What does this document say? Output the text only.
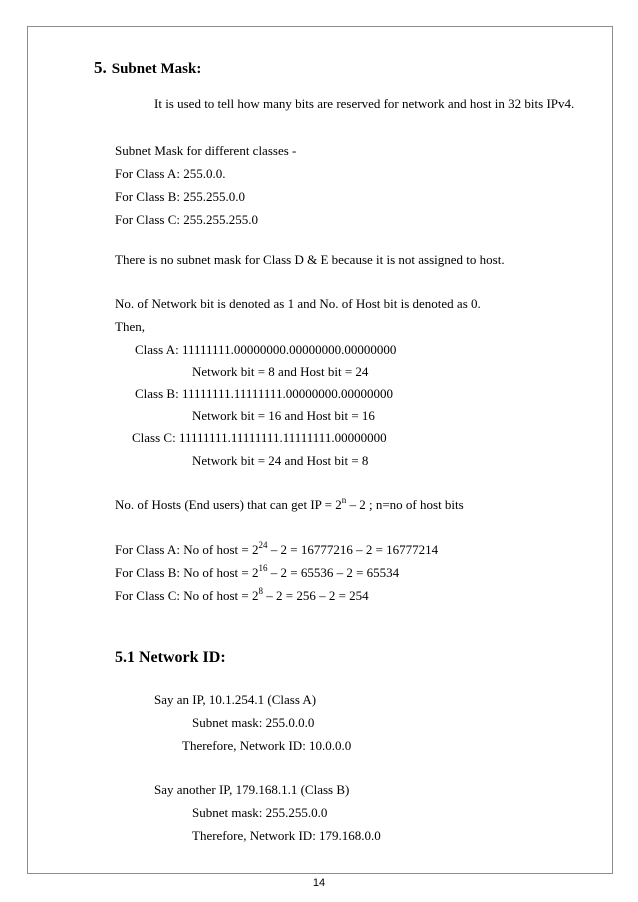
5. Subnet Mask:
It is used to tell how many bits are reserved for network and host in 32 bits IPv4.
Subnet Mask for different classes -
For Class A: 255.0.0.
For Class B: 255.255.0.0
For Class C: 255.255.255.0
There is no subnet mask for Class D & E because it is not assigned to host.
No. of Network bit is denoted as 1 and No. of Host bit is denoted as 0.
Then,
Class A: 11111111.00000000.00000000.00000000
Network bit = 8 and Host bit = 24
Class B: 11111111.11111111.00000000.00000000
Network bit = 16 and Host bit = 16
Class C: 11111111.11111111.11111111.00000000
Network bit = 24 and Host bit = 8
No. of Hosts (End users) that can get IP = $2^n - 2$ ; n=no of host bits
For Class A: No of host = $2^{24} - 2 = 16777216 - 2 = 16777214$
For Class B: No of host = $2^{16} - 2 = 65536 - 2 = 65534$
For Class C: No of host = $2^8 - 2 = 256 - 2 = 254$
5.1 Network ID:
Say an IP, 10.1.254.1 (Class A)
Subnet mask: 255.0.0.0
Therefore, Network ID: 10.0.0.0
Say another IP, 179.168.1.1 (Class B)
Subnet mask: 255.255.0.0
Therefore, Network ID: 179.168.0.0
14
